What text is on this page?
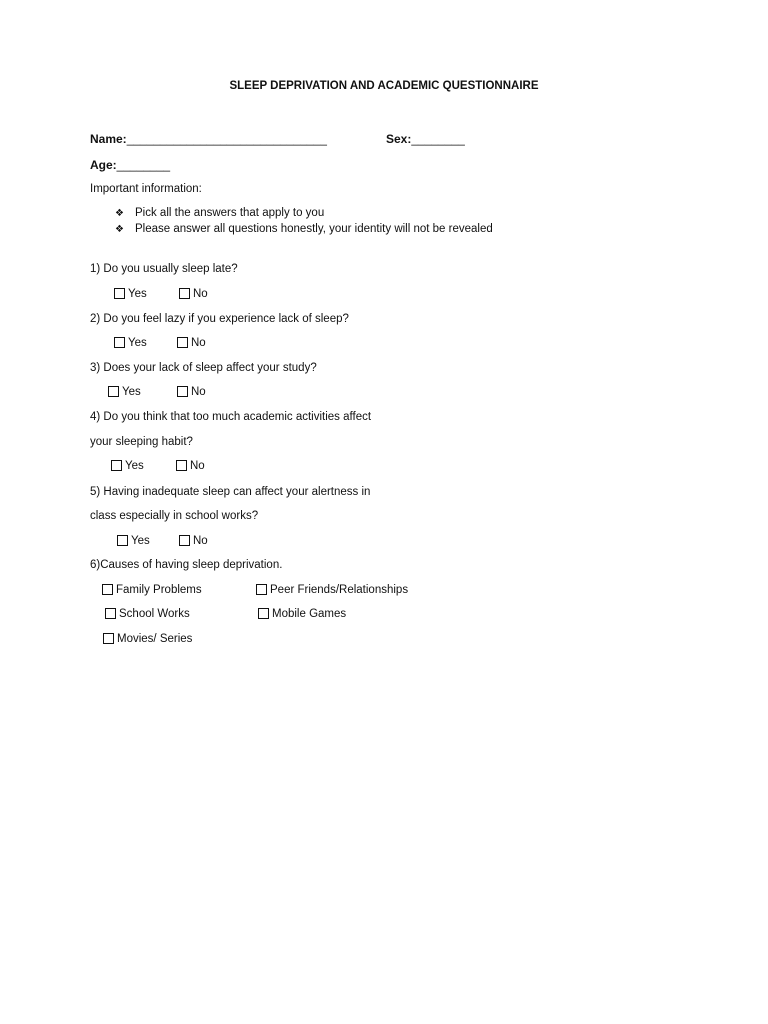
SLEEP DEPRIVATION AND ACADEMIC QUESTIONNAIRE
Name:______________________________	Sex:________
Age:________
Important information:
❖ Pick all the answers that apply to you
❖ Please answer all questions honestly, your identity will not be revealed
1) Do you usually sleep late?
Yes	No
2) Do you feel lazy if you experience lack of sleep?
Yes	No
3) Does your lack of sleep affect your study?
Yes	No
4) Do you think that too much academic activities affect
your sleeping habit?
Yes	No
5) Having inadequate sleep can affect your alertness in
class especially in school works?
Yes	No
6)Causes of having sleep deprivation.
Family Problems	Peer Friends/Relationships
School Works	Mobile Games
Movies/ Series
